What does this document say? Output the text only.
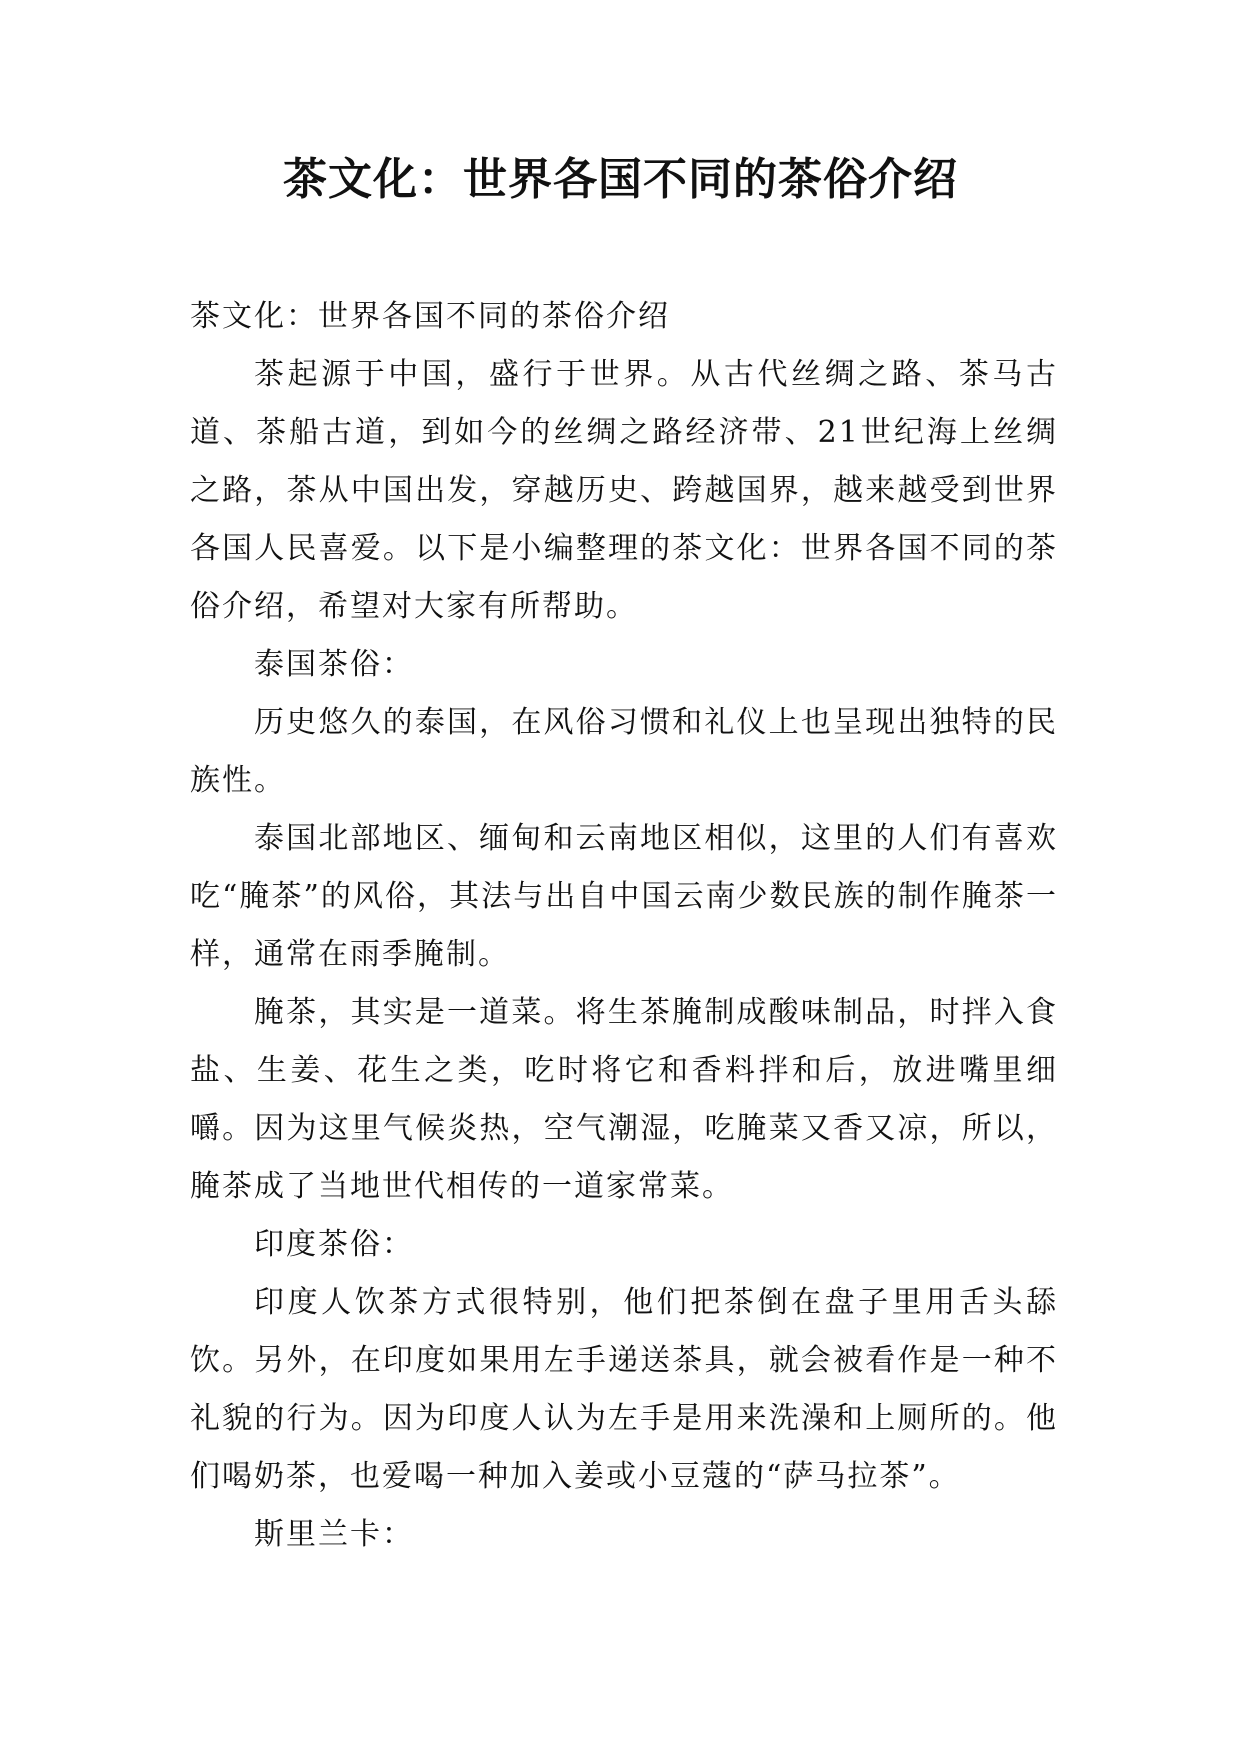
茶文化：世界各国不同的茶俗介绍

茶文化：世界各国不同的茶俗介绍

茶起源于中国，盛行于世界。从古代丝绸之路、茶马古道、茶船古道，到如今的丝绸之路经济带、21世纪海上丝绸之路，茶从中国出发，穿越历史、跨越国界，越来越受到世界各国人民喜爱。以下是小编整理的茶文化：世界各国不同的茶俗介绍，希望对大家有所帮助。

泰国茶俗：

历史悠久的泰国，在风俗习惯和礼仪上也呈现出独特的民族性。

泰国北部地区、缅甸和云南地区相似，这里的人们有喜欢吃“腌茶”的风俗，其法与出自中国云南少数民族的制作腌茶一样，通常在雨季腌制。

腌茶，其实是一道菜。将生茶腌制成酸味制品，时拌入食盐、生姜、花生之类，吃时将它和香料拌和后，放进嘴里细嚼。因为这里气候炎热，空气潮湿，吃腌菜又香又凉，所以，腌茶成了当地世代相传的一道家常菜。

印度茶俗：

印度人饮茶方式很特别，他们把茶倒在盘子里用舌头舔饮。另外，在印度如果用左手递送茶具，就会被看作是一种不礼貌的行为。因为印度人认为左手是用来洗澡和上厕所的。他们喝奶茶，也爱喝一种加入姜或小豆蔻的“萨马拉茶”。

斯里兰卡：
